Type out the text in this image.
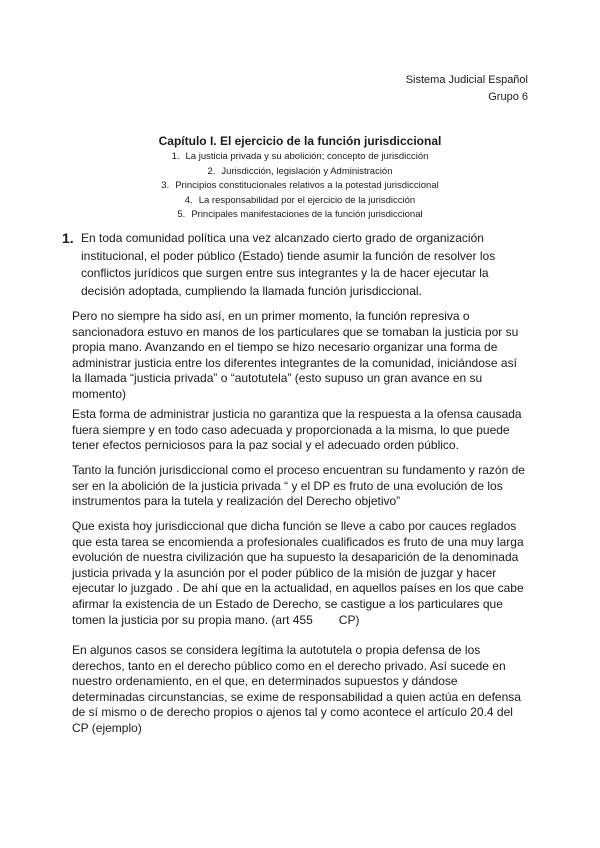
Sistema Judicial Español
Grupo 6
Capítulo I. El ejercicio de la función jurisdiccional
1. La justicia privada y su abolición; concepto de jurisdicción
2. Jurisdicción, legislación y Administración
3. Principios constitucionales relativos a la potestad jurisdiccional
4. La responsabilidad por el ejercicio de la jurisdicción
5. Principales manifestaciones de la función jurisdiccional
1. En toda comunidad política una vez alcanzado cierto grado de organización institucional, el poder público (Estado) tiende asumir la función de resolver los conflictos jurídicos que surgen entre sus integrantes y la de hacer ejecutar la decisión adoptada, cumpliendo la llamada función jurisdiccional.

Pero no siempre ha sido así, en un primer momento, la función represiva o sancionadora estuvo en manos de los particulares que se tomaban la justicia por su propia mano. Avanzando en el tiempo se hizo necesario organizar una forma de administrar justicia entre los diferentes integrantes de la comunidad, iniciándose así la llamada “justicia privada” o “autotutela” (esto supuso un gran avance en su momento)

Esta forma de administrar justicia no garantiza que la respuesta a la ofensa causada fuera siempre y en todo caso adecuada y proporcionada a la misma, lo que puede tener efectos perniciosos para la paz social y el adecuado orden público.

Tanto la función jurisdiccional como el proceso encuentran su fundamento y razón de ser en la abolición de la justicia privada “ y el DP es fruto de una evolución de los instrumentos para la tutela y realización del Derecho objetivo”

Que exista hoy jurisdiccional que dicha función se lleve a cabo por cauces reglados que esta tarea se encomienda a profesionales cualificados es fruto de una muy larga evolución de nuestra civilización que ha supuesto la desaparición de la denominada justicia privada y la asunción por el poder público de la misión de juzgar y hacer ejecutar lo juzgado . De ahí que en la actualidad, en aquellos países en los que cabe afirmar la existencia de un Estado de Derecho, se castigue a los particulares que tomen la justicia por su propia mano. (art 455 CP)

En algunos casos se considera legítima la autotutela o propia defensa de los derechos, tanto en el derecho público como en el derecho privado. Así sucede en nuestro ordenamiento, en el que, en determinados supuestos y dándose determinadas circunstancias, se exime de responsabilidad a quien actúa en defensa de sí mismo o de derecho propios o ajenos tal y como acontece el artículo 20.4 del CP (ejemplo)
